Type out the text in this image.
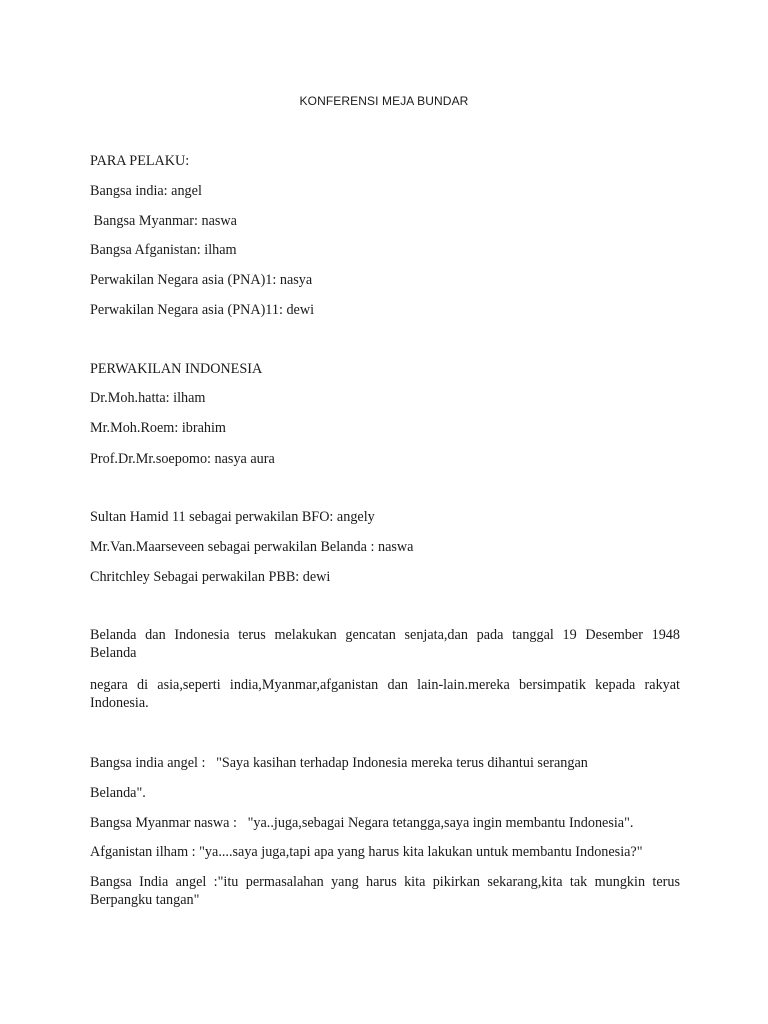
KONFERENSI MEJA BUNDAR
PARA PELAKU:
Bangsa india: angel
Bangsa Myanmar: naswa
Bangsa Afganistan: ilham
Perwakilan Negara asia (PNA)1: nasya
Perwakilan Negara asia (PNA)11: dewi
PERWAKILAN INDONESIA
Dr.Moh.hatta: ilham
Mr.Moh.Roem: ibrahim
Prof.Dr.Mr.soepomo: nasya aura
Sultan Hamid 11 sebagai perwakilan BFO: angely
Mr.Van.Maarseveen sebagai perwakilan Belanda : naswa
Chritchley Sebagai perwakilan PBB: dewi
Belanda dan Indonesia terus melakukan gencatan senjata,dan pada tanggal 19 Desember 1948
Belanda
negara di asia,seperti india,Myanmar,afganistan dan lain-lain.mereka bersimpatik kepada rakyat
Indonesia.
Bangsa india angel :   "Saya kasihan terhadap Indonesia mereka terus dihantui serangan
Belanda".
Bangsa Myanmar naswa :   "ya..juga,sebagai Negara tetangga,saya ingin membantu Indonesia".
Afganistan ilham : "ya....saya juga,tapi apa yang harus kita lakukan untuk membantu Indonesia?"
Bangsa India angel :"itu permasalahan yang harus kita pikirkan sekarang,kita tak mungkin terus
Berpangku tangan"
